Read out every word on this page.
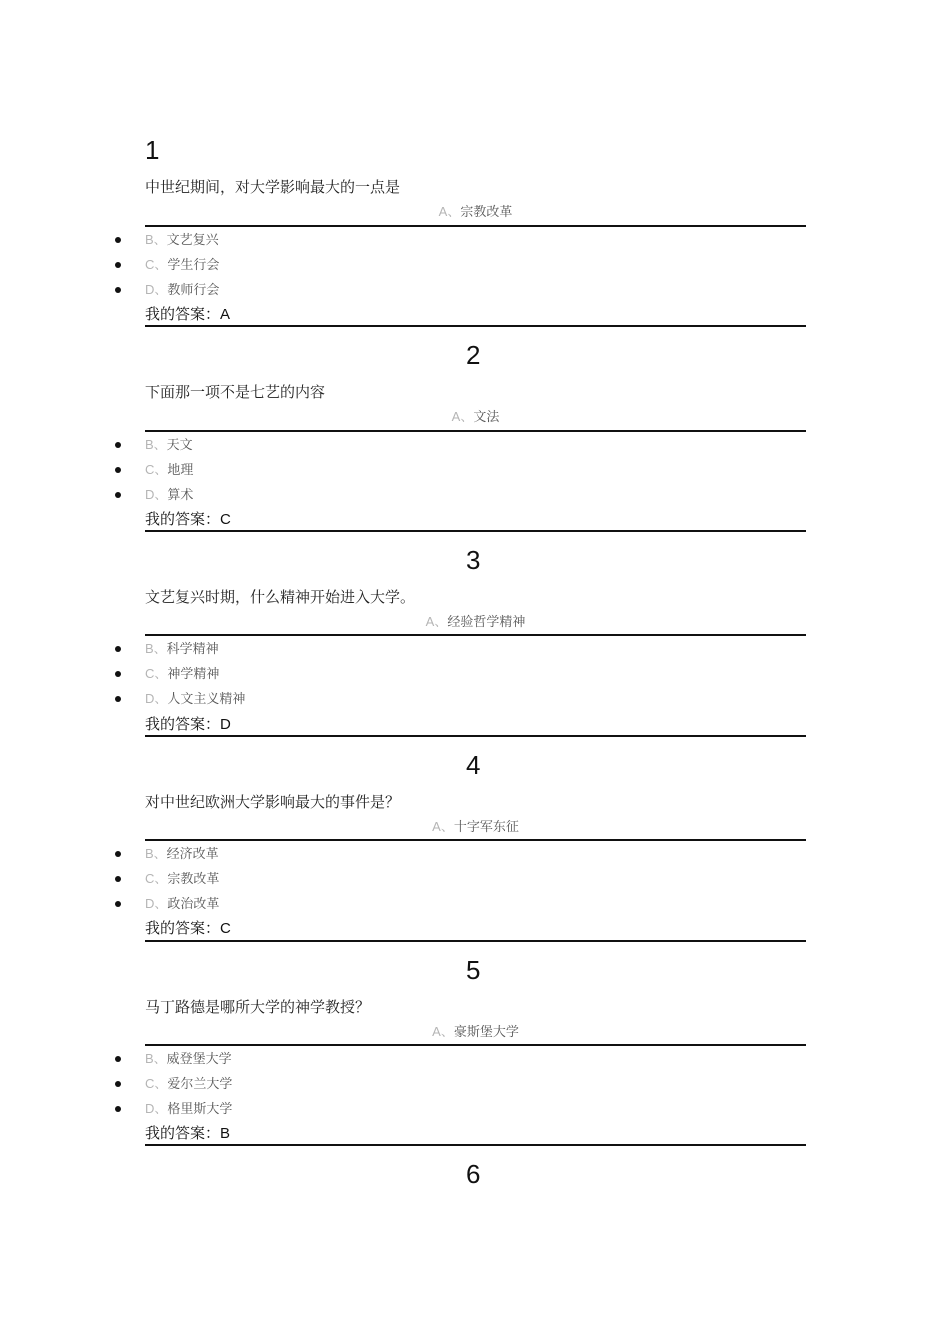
1
中世纪期间，对大学影响最大的一点是
A、宗教改革
B、文艺复兴
C、学生行会
D、教师行会
我的答案：A
2
下面那一项不是七艺的内容
A、文法
B、天文
C、地理
D、算术
我的答案：C
3
文艺复兴时期，什么精神开始进入大学。
A、经验哲学精神
B、科学精神
C、神学精神
D、人文主义精神
我的答案：D
4
对中世纪欧洲大学影响最大的事件是？
A、十字军东征
B、经济改革
C、宗教改革
D、政治改革
我的答案：C
5
马丁路德是哪所大学的神学教授？
A、豪斯堡大学
B、威登堡大学
C、爱尔兰大学
D、格里斯大学
我的答案：B
6
